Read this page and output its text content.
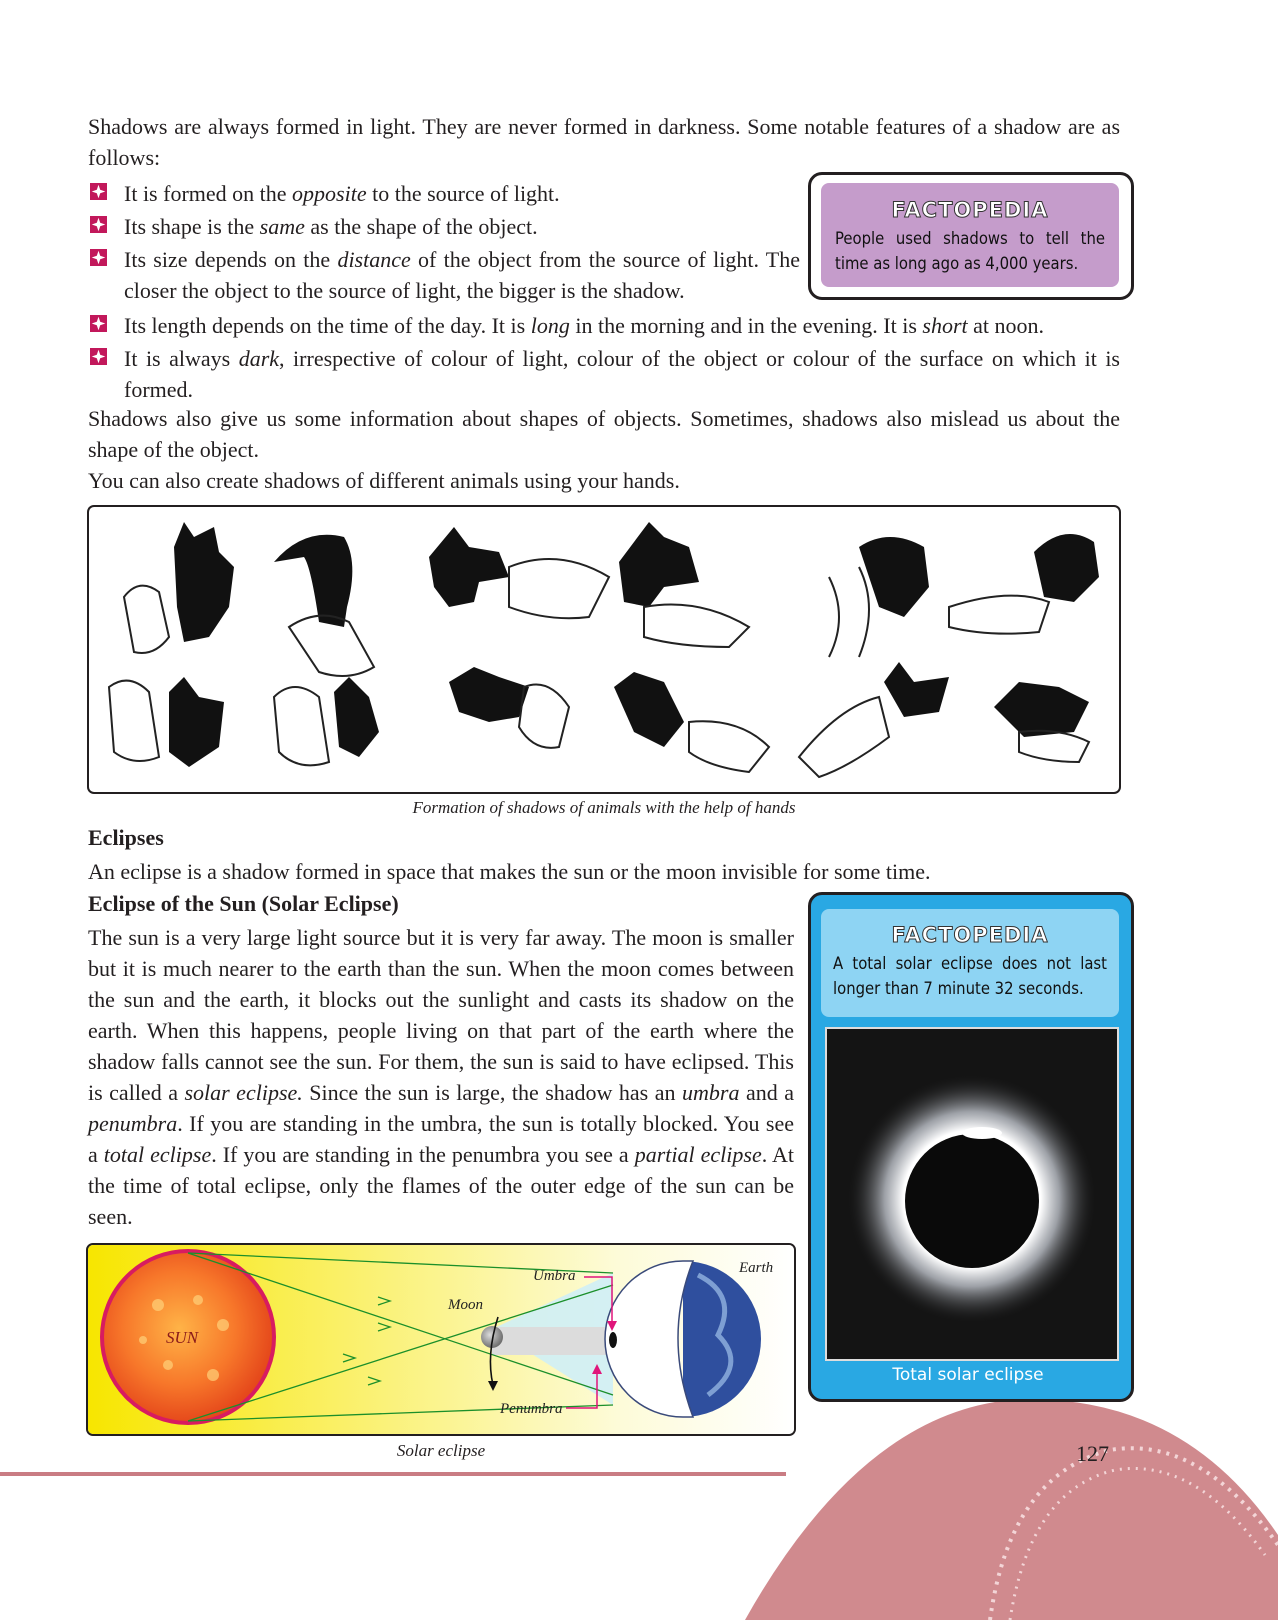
Shadows are always formed in light. They are never formed in darkness. Some notable features of a shadow are as follows:
It is formed on the opposite to the source of light.
Its shape is the same as the shape of the object.
Its size depends on the distance of the object from the source of light. The closer the object to the source of light, the bigger is the shadow.
Its length depends on the time of the day. It is long in the morning and in the evening. It is short at noon.
It is always dark, irrespective of colour of light, colour of the object or colour of the surface on which it is formed.
FACTOPEDIA
People used shadows to tell the time as long ago as 4,000 years.
Shadows also give us some information about shapes of objects. Sometimes, shadows also mislead us about the shape of the object.
You can also create shadows of different animals using your hands.
Formation of shadows of animals with the help of hands
Eclipses
An eclipse is a shadow formed in space that makes the sun or the moon invisible for some time.
Eclipse of the Sun (Solar Eclipse)
The sun is a very large light source but it is very far away. The moon is smaller but it is much nearer to the earth than the sun. When the moon comes between the sun and the earth, it blocks out the sunlight and casts its shadow on the earth. When this happens, people living on that part of the earth where the shadow falls cannot see the sun. For them, the sun is said to have eclipsed. This is called a solar eclipse. Since the sun is large, the shadow has an umbra and a penumbra. If you are standing in the umbra, the sun is totally blocked. You see a total eclipse. If you are standing in the penumbra you see a partial eclipse. At the time of total eclipse, only the flames of the outer edge of the sun can be seen.
FACTOPEDIA
A total solar eclipse does not last longer than 7 minute 32 seconds.
Total solar eclipse
SUN
Moon
Umbra	Earth
Penumbra
Solar eclipse	127
